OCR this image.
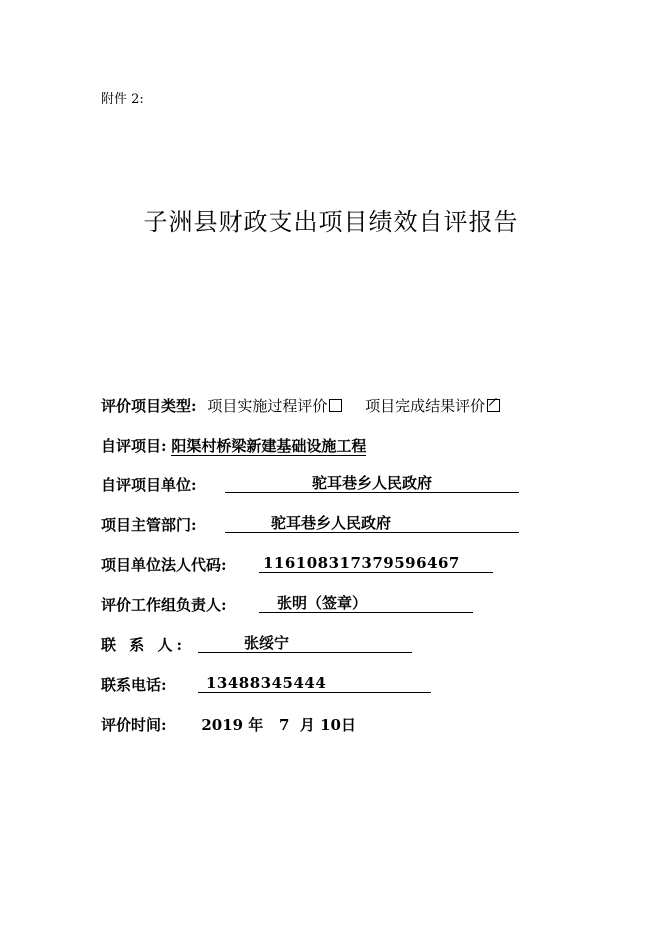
附件 2:
子洲县财政支出项目绩效自评报告
评价项目类型: 项目实施过程评价	项目完成结果评价
自评项目: 阳渠村桥梁新建基础设施工程
自评项目单位:	驼耳巷乡人民政府
项目主管部门:	驼耳巷乡人民政府
项目单位法人代码: 116108317379596467
评价工作组负责人:	张明（签章）
联 系 人:	张绥宁
联系电话:	13488345444
评价时间: 2019 年   7  月 10日
